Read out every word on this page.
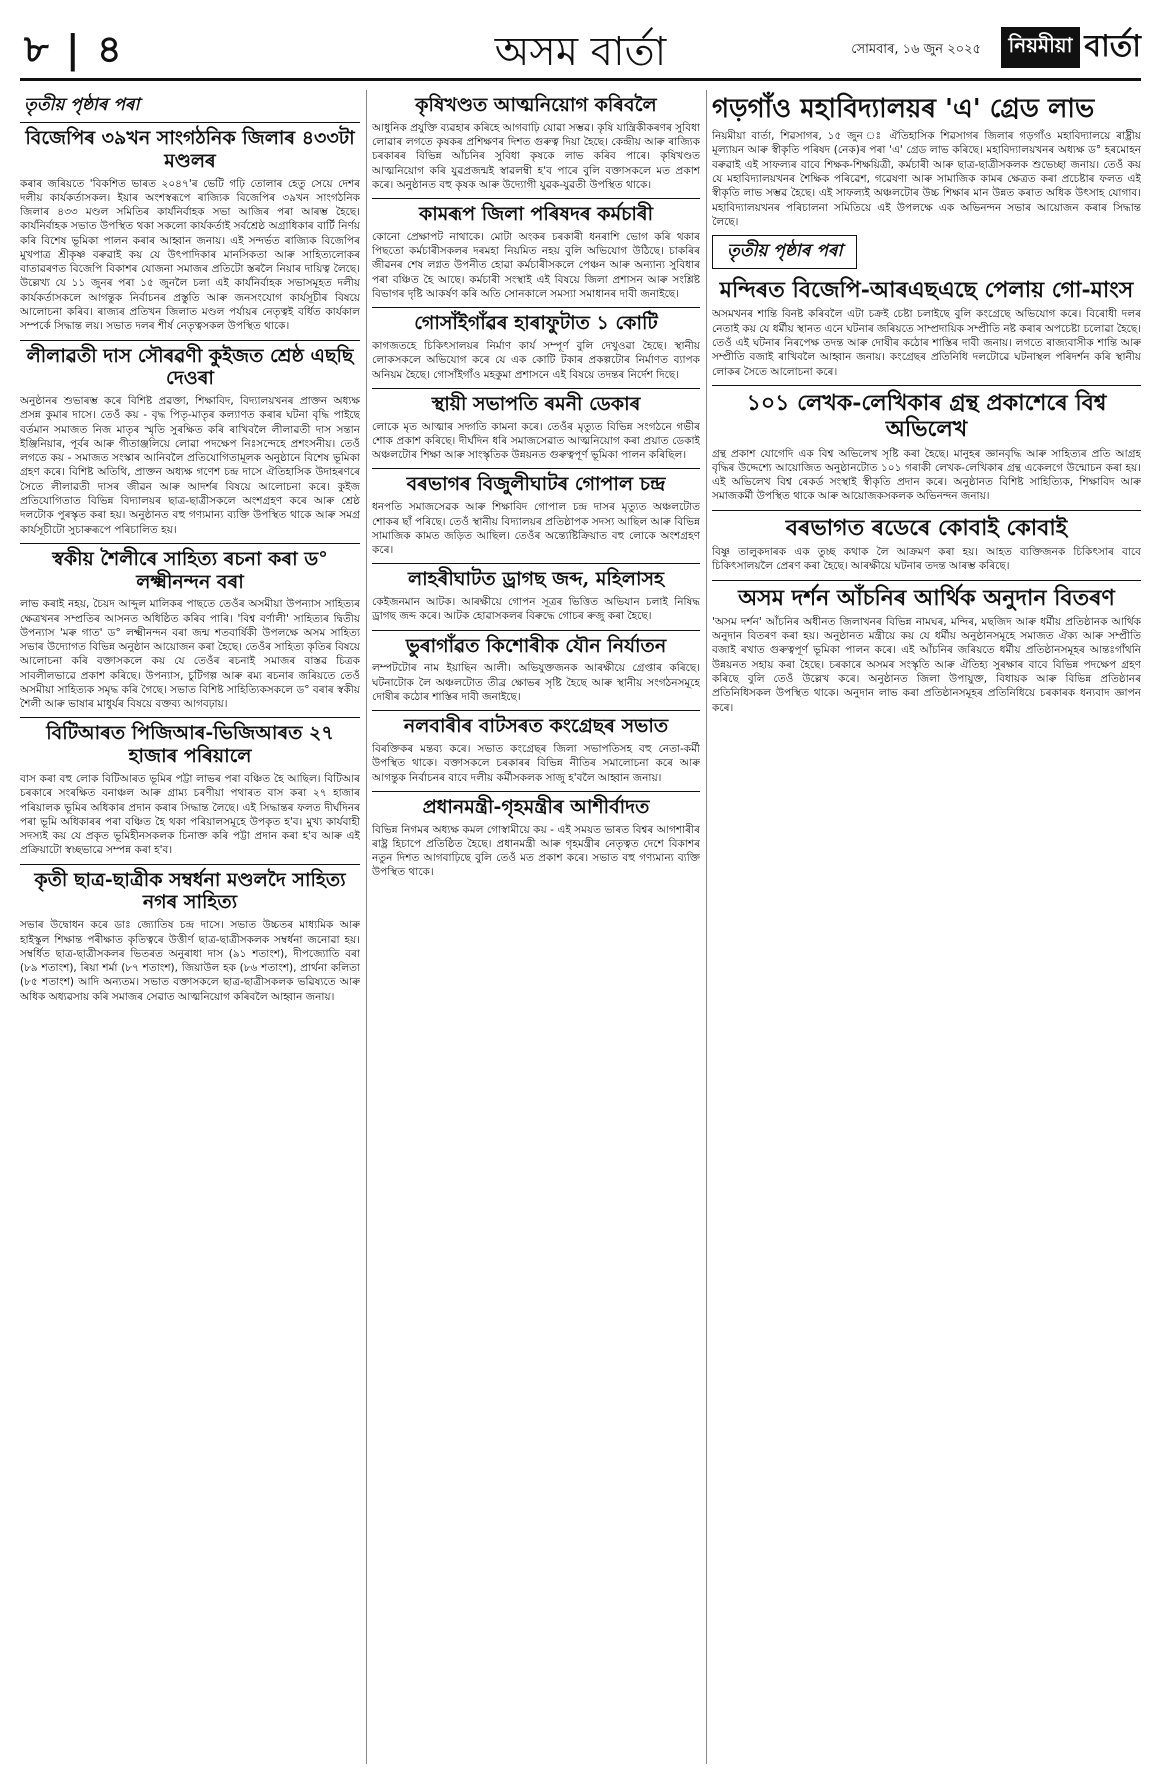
৮ | ৪	অসম বাৰ্তা	সোমবাৰ, ১৬ জুন ২০২৫	নিয়মীয়া বাৰ্তা
তৃতীয় পৃষ্ঠাৰ পৰা
বিজেপিৰ ৩৯খন সাংগঠনিক জিলাৰ ৪৩৩টা মণ্ডলৰ

কৰাৰ জৰিয়তে 'বিকশিত ভাৰত ২০৪৭'ৰ ভেটি গঢ়ি তোলাৰ হেতু সেয়ে দেশৰ দলীয় কাৰ্যকৰ্তাসকল। ইয়াৰ অংশস্বৰূপে ৰাজ্যিক বিজেপিৰ ৩৯খন সাংগঠনিক জিলাৰ ৪৩৩ মণ্ডল সমিতিৰ কাৰ্যনিৰ্বাহক সভা আজিৰ পৰা আৰম্ভ হৈছে। কাৰ্যনিৰ্বাহক সভাত উপস্থিত থকা সকলো কাৰ্যকৰ্তাই সৰ্বশ্ৰেষ্ঠ অগ্ৰাধিকাৰ বাৰ্টি নিৰ্ণয় কৰি বিশেষ ভূমিকা পালন কৰাৰ আহ্বান জনায়। এই সন্দৰ্ভত ৰাজ্যিক বিজেপিৰ মুখপাত্ৰ শ্ৰীকৃষ্ণ বৰুৱাই কয় যে উৎপাদিকাৰ মানসিকতা আৰু সাহিত্যলোকৰ বাতাৱৰণত বিজেপি বিকাশৰ যোজনা সমাজৰ প্ৰতিটো স্তৰলৈ নিয়াৰ দায়িত্ব লৈছে। উল্লেখ্য যে ১১ জুনৰ পৰা ১৫ জুনলৈ চলা এই কাৰ্যনিৰ্বাহক সভাসমূহত দলীয় কাৰ্যকৰ্তাসকলে আগন্তুক নিৰ্বাচনৰ প্ৰস্তুতি আৰু জনসংযোগ কাৰ্যসূচীৰ বিষয়ে আলোচনা কৰিব। ৰাজ্যৰ প্ৰতিখন জিলাত মণ্ডল পৰ্যায়ৰ নেতৃত্বই বৰ্ধিত কাৰ্যকাল সম্পৰ্কে সিদ্ধান্ত লয়। সভাত দলৰ শীৰ্ষ নেতৃত্বসকল উপস্থিত থাকে।

লীলাৱতী দাস সৌৰৱণী কুইজত শ্ৰেষ্ঠ এছছি দেওৰা

অনুষ্ঠানৰ শুভাৰম্ভ কৰে বিশিষ্ট প্ৰৱক্তা, শিক্ষাবিদ, বিদ্যালয়খনৰ প্ৰাক্তন অধ্যক্ষ প্ৰসন্ন কুমাৰ দাসে। তেওঁ কয় - বৃদ্ধ পিতৃ-মাতৃৰ কল্যাণত কৰাৰ ঘটনা বৃদ্ধি পাইছে বৰ্তমান সমাজত নিজ মাতৃৰ স্মৃতি সুৰক্ষিত কৰি ৰাখিবলৈ লীলাৱতী দাস সন্তান ইঞ্জিনিয়াৰ, পূৰ্বৰ আৰু গীতাঞ্জলিয়ে লোৱা পদক্ষেপ নিঃসন্দেহে প্ৰশংসনীয়। তেওঁ লগতে কয় - সমাজত সংস্কাৰ আনিবলৈ প্ৰতিযোগিতামূলক অনুষ্ঠানে বিশেষ ভূমিকা গ্ৰহণ কৰে। বিশিষ্ট অতিথি, প্ৰাক্তন অধ্যক্ষ গণেশ চন্দ্ৰ দাসে ঐতিহাসিক উদাহৰণৰে সৈতে লীলাৱতী দাসৰ জীৱন আৰু আদৰ্শৰ বিষয়ে আলোচনা কৰে। কুইজ প্ৰতিযোগিতাত বিভিন্ন বিদ্যালয়ৰ ছাত্ৰ-ছাত্ৰীসকলে অংশগ্ৰহণ কৰে আৰু শ্ৰেষ্ঠ দলটোক পুৰস্কৃত কৰা হয়। অনুষ্ঠানত বহু গণ্যমান্য ব্যক্তি উপস্থিত থাকে আৰু সমগ্ৰ কাৰ্যসূচীটো সুচাৰুৰূপে পৰিচালিত হয়।

স্বকীয় শৈলীৰে সাহিত্য ৰচনা কৰা ড° লক্ষ্মীনন্দন বৰা

লাভ কৰাই নহয়, চৈয়দ আব্দুল মালিকৰ পাছতে তেওঁৰ অসমীয়া উপন্যাস সাহিত্যৰ ক্ষেত্ৰখনৰ সম্প্ৰতিৰ আসনত অধিষ্ঠিত কৰিব পাৰি। 'বিশ্ব বৰ্ণালী' সাহিত্যৰ দ্বিতীয় উপন্যাস 'মৰু গাত' ড° লক্ষ্মীনন্দন বৰা জন্ম শতবাৰ্ষিকী উপলক্ষে অসম সাহিত্য সভাৰ উদ্যোগত বিভিন্ন অনুষ্ঠান আয়োজন কৰা হৈছে। তেওঁৰ সাহিত্য কৃতিৰ বিষয়ে আলোচনা কৰি বক্তাসকলে কয় যে তেওঁৰ ৰচনাই সমাজৰ বাস্তৱ চিত্ৰক সাবলীলভাৱে প্ৰকাশ কৰিছে। উপন্যাস, চুটিগল্প আৰু ৰম্য ৰচনাৰ জৰিয়তে তেওঁ অসমীয়া সাহিত্যক সমৃদ্ধ কৰি গৈছে। সভাত বিশিষ্ট সাহিত্যিকসকলে ড° বৰাৰ স্বকীয় শৈলী আৰু ভাষাৰ মাধুৰ্যৰ বিষয়ে বক্তব্য আগবঢ়ায়।

বিটিআৰত পিজিআৰ-ভিজিআৰত ২৭ হাজাৰ পৰিয়ালে

বাস কৰা বহু লোক বিটিআৰত ভূমিৰ পট্টা লাভৰ পৰা বঞ্চিত হৈ আছিল। বিটিআৰ চৰকাৰে সংৰক্ষিত বনাঞ্চল আৰু গ্ৰাম্য চৰণীয়া পথাৰত বাস কৰা ২৭ হাজাৰ পৰিয়ালক ভূমিৰ অধিকাৰ প্ৰদান কৰাৰ সিদ্ধান্ত লৈছে। এই সিদ্ধান্তৰ ফলত দীৰ্ঘদিনৰ পৰা ভূমি অধিকাৰৰ পৰা বঞ্চিত হৈ থকা পৰিয়ালসমূহে উপকৃত হ'ব। মুখ্য কাৰ্যবাহী সদস্যই কয় যে প্ৰকৃত ভূমিহীনসকলক চিনাক্ত কৰি পট্টা প্ৰদান কৰা হ'ব আৰু এই প্ৰক্ৰিয়াটো স্বচ্ছভাৱে সম্পন্ন কৰা হ'ব।

কৃতী ছাত্ৰ-ছাত্ৰীক সম্বৰ্ধনা মণ্ডলদৈ সাহিত্য নগৰ সাহিত্য

সভাৰ উদ্বোধন কৰে ডাঃ জ্যোতিষ চন্দ্ৰ দাসে। সভাত উচ্চতৰ মাধ্যমিক আৰু হাইস্কুল শিক্ষান্ত পৰীক্ষাত কৃতিত্বৰে উত্তীৰ্ণ ছাত্ৰ-ছাত্ৰীসকলক সম্বৰ্ধনা জনোৱা হয়। সম্বৰ্ধিত ছাত্ৰ-ছাত্ৰীসকলৰ ভিতৰত অনুৰাধা দাস (৯১ শতাংশ), দীপজ্যোতি বৰা (৮৯ শতাংশ), ৰিয়া শৰ্মা (৮৭ শতাংশ), জিয়াউল হক (৮৬ শতাংশ), প্ৰাৰ্থনা কলিতা (৮৫ শতাংশ) আদি অন্যতম। সভাত বক্তাসকলে ছাত্ৰ-ছাত্ৰীসকলক ভৱিষ্যতে আৰু অধিক অধ্যৱসায় কৰি সমাজৰ সেৱাত আত্মনিয়োগ কৰিবলৈ আহ্বান জনায়।

কৃষিখণ্ডত আত্মনিয়োগ কৰিবলৈ

আধুনিক প্ৰযুক্তি ব্যৱহাৰ কৰিহে আগবাঢ়ি যোৱা সম্ভৱ। কৃষি যান্ত্ৰিকীকৰণৰ সুবিধা লোৱাৰ লগতে কৃষকৰ প্ৰশিক্ষণৰ দিশত গুৰুত্ব দিয়া হৈছে। কেন্দ্ৰীয় আৰু ৰাজ্যিক চৰকাৰৰ বিভিন্ন আঁচনিৰ সুবিধা কৃষকে লাভ কৰিব পাৰে। কৃষিখণ্ডত আত্মনিয়োগ কৰি যুৱপ্ৰজন্মই স্বাৱলম্বী হ'ব পাৰে বুলি বক্তাসকলে মত প্ৰকাশ কৰে। অনুষ্ঠানত বহু কৃষক আৰু উদ্যোগী যুৱক-যুৱতী উপস্থিত থাকে।

কামৰূপ জিলা পৰিষদৰ কৰ্মচাৰী

কোনো প্ৰেক্ষাপট নাথাকে। মোটা অংকৰ চৰকাৰী ধনৰাশি ভোগ কৰি থকাৰ পিছতো কৰ্মচাৰীসকলৰ দৰমহা নিয়মিত নহয় বুলি অভিযোগ উঠিছে। চাকৰিৰ জীৱনৰ শেষ লগ্নত উপনীত হোৱা কৰ্মচাৰীসকলে পেঞ্চন আৰু অন্যান্য সুবিধাৰ পৰা বঞ্চিত হৈ আছে। কৰ্মচাৰী সংস্থাই এই বিষয়ে জিলা প্ৰশাসন আৰু সংশ্লিষ্ট বিভাগৰ দৃষ্টি আকৰ্ষণ কৰি অতি সোনকালে সমস্যা সমাধানৰ দাবী জনাইছে।

গোসাঁইগাঁৱৰ হাৰাফুটাত ১ কোটি

কাগজতহে চিকিৎসালয়ৰ নিৰ্মাণ কাৰ্য সম্পূৰ্ণ বুলি দেখুওৱা হৈছে। স্থানীয় লোকসকলে অভিযোগ কৰে যে এক কোটি টকাৰ প্ৰকল্পটোৰ নিৰ্মাণত ব্যাপক অনিয়ম হৈছে। গোসাঁইগাঁও মহকুমা প্ৰশাসনে এই বিষয়ে তদন্তৰ নিৰ্দেশ দিছে।

স্থায়ী সভাপতি ৰমনী ডেকাৰ

লোকে মৃত আত্মাৰ সদ্গতি কামনা কৰে। তেওঁৰ মৃত্যুত বিভিন্ন সংগঠনে গভীৰ শোক প্ৰকাশ কৰিছে। দীৰ্ঘদিন ধৰি সমাজসেৱাত আত্মনিয়োগ কৰা প্ৰয়াত ডেকাই অঞ্চলটোৰ শিক্ষা আৰু সাংস্কৃতিক উন্নয়নত গুৰুত্বপূৰ্ণ ভূমিকা পালন কৰিছিল।

বৰভাগৰ বিজুলীঘাটৰ গোপাল চন্দ্ৰ

ধনপতি সমাজসেৱক আৰু শিক্ষাবিদ গোপাল চন্দ্ৰ দাসৰ মৃত্যুত অঞ্চলটোত শোকৰ ছাঁ পৰিছে। তেওঁ স্থানীয় বিদ্যালয়ৰ প্ৰতিষ্ঠাপক সদস্য আছিল আৰু বিভিন্ন সামাজিক কামত জড়িত আছিল। তেওঁৰ অন্ত্যেষ্টিক্ৰিয়াত বহু লোকে অংশগ্ৰহণ কৰে।

লাহৰীঘাটত ড্ৰাগছ জব্দ, মহিলাসহ

কেইজনমান আটক। আৰক্ষীয়ে গোপন সূত্ৰৰ ভিত্তিত অভিযান চলাই নিষিদ্ধ ড্ৰাগছ জব্দ কৰে। আটক হোৱাসকলৰ বিৰুদ্ধে গোচৰ ৰুজু কৰা হৈছে।

ভুৰাগাঁৱত কিশোৰীক যৌন নিৰ্যাতন

লম্পটটোৰ নাম ইয়াছিন আলী। অভিযুক্তজনক আৰক্ষীয়ে গ্ৰেপ্তাৰ কৰিছে। ঘটনাটোক লৈ অঞ্চলটোত তীব্ৰ ক্ষোভৰ সৃষ্টি হৈছে আৰু স্থানীয় সংগঠনসমূহে দোষীৰ কঠোৰ শাস্তিৰ দাবী জনাইছে।

নলবাৰীৰ বাটসৰত কংগ্ৰেছৰ সভাত

বিৰক্তিকৰ মন্তব্য কৰে। সভাত কংগ্ৰেছৰ জিলা সভাপতিসহ বহু নেতা-কৰ্মী উপস্থিত থাকে। বক্তাসকলে চৰকাৰৰ বিভিন্ন নীতিৰ সমালোচনা কৰে আৰু আগন্তুক নিৰ্বাচনৰ বাবে দলীয় কৰ্মীসকলক সাজু হ'বলৈ আহ্বান জনায়।

প্ৰধানমন্ত্ৰী-গৃহমন্ত্ৰীৰ আশীৰ্বাদত

বিভিন্ন নিগমৰ অধ্যক্ষ কমল গোস্বামীয়ে কয় - এই সময়ত ভাৰত বিশ্বৰ আগশাৰীৰ ৰাষ্ট্ৰ হিচাপে প্ৰতিষ্ঠিত হৈছে। প্ৰধানমন্ত্ৰী আৰু গৃহমন্ত্ৰীৰ নেতৃত্বত দেশে বিকাশৰ নতুন দিশত আগবাঢ়িছে বুলি তেওঁ মত প্ৰকাশ কৰে। সভাত বহু গণ্যমান্য ব্যক্তি উপস্থিত থাকে।

গড়গাঁও মহাবিদ্যালয়ৰ 'এ' গ্ৰেড লাভ

নিয়মীয়া বাৰ্তা, শিৱসাগৰ, ১৫ জুন ঃ ঐতিহাসিক শিৱসাগৰ জিলাৰ গড়গাঁও মহাবিদ্যালয়ে ৰাষ্ট্ৰীয় মূল্যায়ন আৰু স্বীকৃতি পৰিষদ (নেক)ৰ পৰা 'এ' গ্ৰেড লাভ কৰিছে। মহাবিদ্যালয়খনৰ অধ্যক্ষ ড° হৰমোহন বৰুৱাই এই সাফল্যৰ বাবে শিক্ষক-শিক্ষয়িত্ৰী, কৰ্মচাৰী আৰু ছাত্ৰ-ছাত্ৰীসকলক শুভেচ্ছা জনায়। তেওঁ কয় যে মহাবিদ্যালয়খনৰ শৈক্ষিক পৰিৱেশ, গৱেষণা আৰু সামাজিক কামৰ ক্ষেত্ৰত কৰা প্ৰচেষ্টাৰ ফলত এই স্বীকৃতি লাভ সম্ভৱ হৈছে। এই সাফল্যই অঞ্চলটোৰ উচ্চ শিক্ষাৰ মান উন্নত কৰাত অধিক উৎসাহ যোগাব। মহাবিদ্যালয়খনৰ পৰিচালনা সমিতিয়ে এই উপলক্ষে এক অভিনন্দন সভাৰ আয়োজন কৰাৰ সিদ্ধান্ত লৈছে।

তৃতীয় পৃষ্ঠাৰ পৰা
মন্দিৰত বিজেপি-আৰএছএছে পেলায় গো-মাংস

অসমখনৰ শান্তি বিনষ্ট কৰিবলৈ এটা চক্ৰই চেষ্টা চলাইছে বুলি কংগ্ৰেছে অভিযোগ কৰে। বিৰোধী দলৰ নেতাই কয় যে ধৰ্মীয় স্থানত এনে ঘটনাৰ জৰিয়তে সাম্প্ৰদায়িক সম্প্ৰীতি নষ্ট কৰাৰ অপচেষ্টা চলোৱা হৈছে। তেওঁ এই ঘটনাৰ নিৰপেক্ষ তদন্ত আৰু দোষীৰ কঠোৰ শাস্তিৰ দাবী জনায়। লগতে ৰাজ্যবাসীক শান্তি আৰু সম্প্ৰীতি বজাই ৰাখিবলৈ আহ্বান জনায়। কংগ্ৰেছৰ প্ৰতিনিধি দলটোৱে ঘটনাস্থল পৰিদৰ্শন কৰি স্থানীয় লোকৰ সৈতে আলোচনা কৰে।

১০১ লেখক-লেখিকাৰ গ্ৰন্থ প্ৰকাশেৰে বিশ্ব অভিলেখ

গ্ৰন্থ প্ৰকাশ যোগেদি এক বিশ্ব অভিলেখ সৃষ্টি কৰা হৈছে। মানুহৰ জ্ঞানবৃদ্ধি আৰু সাহিত্যৰ প্ৰতি আগ্ৰহ বৃদ্ধিৰ উদ্দেশ্যে আয়োজিত অনুষ্ঠানটোত ১০১ গৰাকী লেখক-লেখিকাৰ গ্ৰন্থ একেলগে উন্মোচন কৰা হয়। এই অভিলেখ বিশ্ব ৰেকৰ্ড সংস্থাই স্বীকৃতি প্ৰদান কৰে। অনুষ্ঠানত বিশিষ্ট সাহিত্যিক, শিক্ষাবিদ আৰু সমাজকৰ্মী উপস্থিত থাকে আৰু আয়োজকসকলক অভিনন্দন জনায়।

বৰভাগত ৰডেৰে কোবাই কোবাই

বিষ্ণু তালুকদাৰক এক তুচ্ছ কথাক লৈ আক্ৰমণ কৰা হয়। আহত ব্যক্তিজনক চিকিৎসাৰ বাবে চিকিৎসালয়লৈ প্ৰেৰণ কৰা হৈছে। আৰক্ষীয়ে ঘটনাৰ তদন্ত আৰম্ভ কৰিছে।

অসম দৰ্শন আঁচনিৰ আৰ্থিক অনুদান বিতৰণ

'অসম দৰ্শন' আঁচনিৰ অধীনত জিলাখনৰ বিভিন্ন নামঘৰ, মন্দিৰ, মছজিদ আৰু ধৰ্মীয় প্ৰতিষ্ঠানক আৰ্থিক অনুদান বিতৰণ কৰা হয়। অনুষ্ঠানত মন্ত্ৰীয়ে কয় যে ধৰ্মীয় অনুষ্ঠানসমূহে সমাজত ঐক্য আৰু সম্প্ৰীতি বজাই ৰখাত গুৰুত্বপূৰ্ণ ভূমিকা পালন কৰে। এই আঁচনিৰ জৰিয়তে ধৰ্মীয় প্ৰতিষ্ঠানসমূহৰ আন্তঃগাঁথনি উন্নয়নত সহায় কৰা হৈছে। চৰকাৰে অসমৰ সংস্কৃতি আৰু ঐতিহ্য সুৰক্ষাৰ বাবে বিভিন্ন পদক্ষেপ গ্ৰহণ কৰিছে বুলি তেওঁ উল্লেখ কৰে। অনুষ্ঠানত জিলা উপায়ুক্ত, বিধায়ক আৰু বিভিন্ন প্ৰতিষ্ঠানৰ প্ৰতিনিধিসকল উপস্থিত থাকে। অনুদান লাভ কৰা প্ৰতিষ্ঠানসমূহৰ প্ৰতিনিধিয়ে চৰকাৰক ধন্যবাদ জ্ঞাপন কৰে।
